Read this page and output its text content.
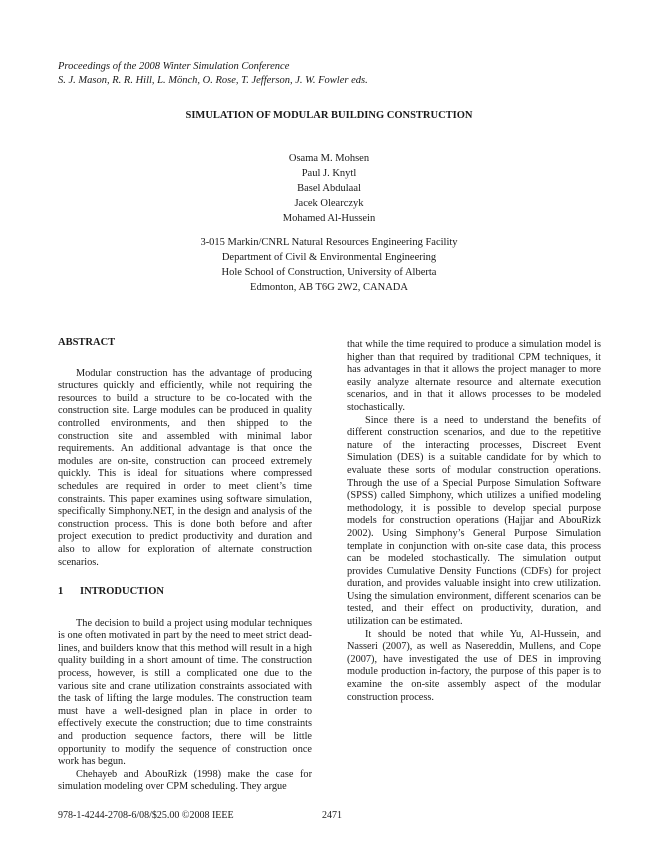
Proceedings of the 2008 Winter Simulation Conference
S. J. Mason, R. R. Hill, L. Mönch, O. Rose, T. Jefferson, J. W. Fowler eds.
SIMULATION OF MODULAR BUILDING CONSTRUCTION
Osama M. Mohsen
Paul J. Knytl
Basel Abdulaal
Jacek Olearczyk
Mohamed Al-Hussein
3-015 Markin/CNRL Natural Resources Engineering Facility
Department of Civil & Environmental Engineering
Hole School of Construction, University of Alberta
Edmonton, AB T6G 2W2, CANADA
ABSTRACT

Modular construction has the advantage of producing structures quickly and efficiently, while not requiring the resources to build a structure to be co-located with the construction site. Large modules can be produced in quality controlled environments, and then shipped to the construction site and assembled with minimal labor requirements. An additional advantage is that once the modules are on-site, construction can proceed extremely quickly. This is ideal for situations where compressed schedules are required in order to meet client’s time constraints. This paper examines using software simulation, specifically Simphony.NET, in the design and analysis of the construction process. This is done both before and after project execution to predict productivity and duration and also to allow for exploration of alternate construction scenarios.

1 INTRODUCTION

The decision to build a project using modular techniques is one often motivated in part by the need to meet strict dead-lines, and builders know that this method will result in a high quality building in a short amount of time. The construction process, however, is still a complicated one due to the various site and crane utilization constraints associated with the task of lifting the large modules. The construction team must have a well-designed plan in place in order to effectively execute the construction; due to time constraints and production sequence factors, there will be little opportunity to modify the sequence of construction once work has begun.

Chehayeb and AbouRizk (1998) make the case for simulation modeling over CPM scheduling. They argue

that while the time required to produce a simulation model is higher than that required by traditional CPM techniques, it has advantages in that it allows the project manager to more easily analyze alternate resource and alternate execution scenarios, and in that it allows processes to be modeled stochastically.

Since there is a need to understand the benefits of different construction scenarios, and due to the repetitive nature of the interacting processes, Discreet Event Simulation (DES) is a suitable candidate for by which to evaluate these sorts of modular construction operations. Through the use of a Special Purpose Simulation Software (SPSS) called Simphony, which utilizes a unified modeling methodology, it is possible to develop special purpose models for construction operations (Hajjar and AbouRizk 2002). Using Simphony’s General Purpose Simulation template in conjunction with on-site case data, this process can be modeled stochastically. The simulation output provides Cumulative Density Functions (CDFs) for project duration, and provides valuable insight into crew utilization. Using the simulation environment, different scenarios can be tested, and their effect on productivity, duration, and utilization can be estimated.

It should be noted that while Yu, Al-Hussein, and Nasseri (2007), as well as Nasereddin, Mullens, and Cope (2007), have investigated the use of DES in improving module production in-factory, the purpose of this paper is to examine the on-site assembly aspect of the modular construction process.

978-1-4244-2708-6/08/$25.00 ©2008 IEEE	2471
